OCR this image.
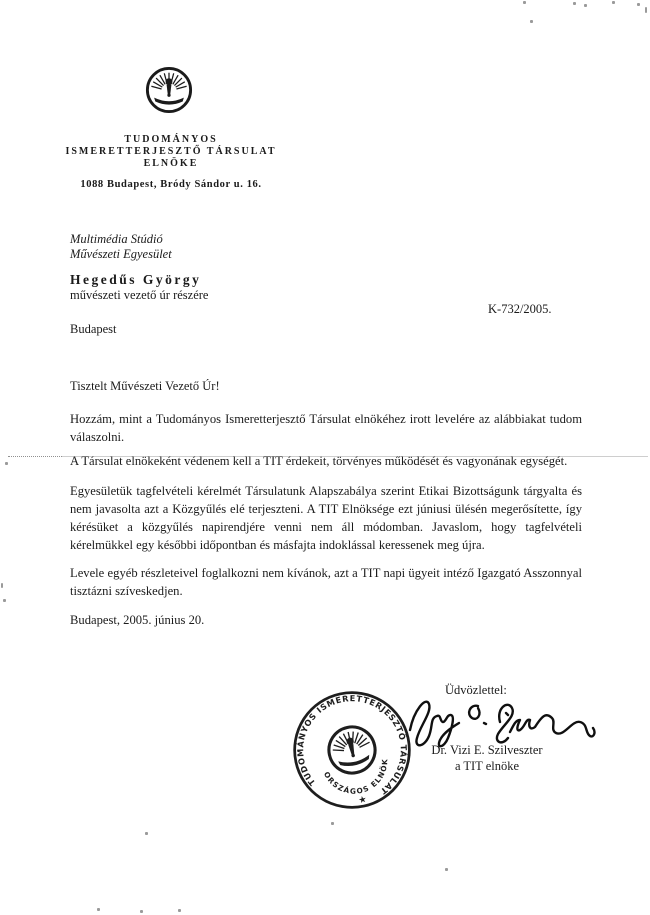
TUDOMÁNYOS
ISMERETTERJESZTŐ TÁRSULAT
ELNÖKE
1088 Budapest, Bródy Sándor u. 16.
Multimédia Stúdió
Művészeti Egyesület
Hegedűs György
művészeti vezető úr részére
Budapest
K-732/2005.
Tisztelt Művészeti Vezető Úr!

Hozzám, mint a Tudományos Ismeretterjesztő Társulat elnökéhez irott levelére az alábbiakat tudom válaszolni.

A Társulat elnökeként védenem kell a TIT érdekeit, törvényes működését és vagyonának egységét.

Egyesületük tagfelvételi kérelmét Társulatunk Alapszabálya szerint Etikai Bizottságunk tárgyalta és nem javasolta azt a Közgyűlés elé terjeszteni. A TIT Elnöksége ezt júniusi ülésén megerősítette, így kérésüket a közgyűlés napirendjére venni nem áll módomban. Javaslom, hogy tagfelvételi kérelmükkel egy későbbi időpontban és másfajta indoklással keressenek meg újra.

Levele egyéb részleteivel foglalkozni nem kívánok, azt a TIT napi ügyeit intéző Igazgató Asszonnyal tisztázni szíveskedjen.

Budapest, 2005. június 20.

Üdvözlettel:
TUDOMÁNYOS ISMERETTERJESZTŐ TÁRSULAT
ORSZÁGOS ELNÖK
★
Dr. Vizi E. Szilveszter
a TIT elnöke
